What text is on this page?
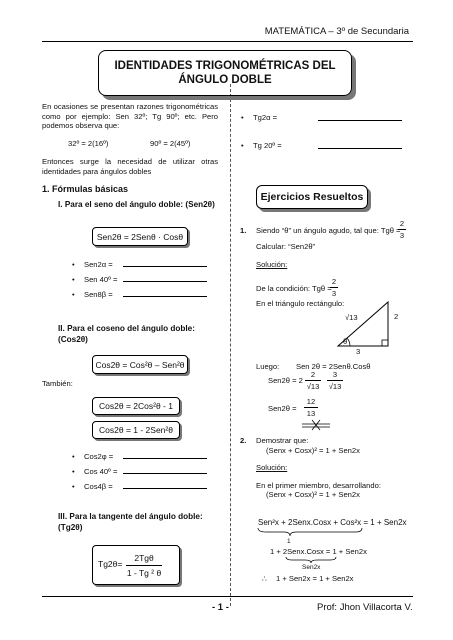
MATEMÁTICA – 3º de Secundaria
IDENTIDADES TRIGONOMÉTRICAS DEL
ÁNGULO DOBLE
En ocasiones se presentan razones trigonométricas como por ejemplo: Sen 32º; Tg 90º; etc. Pero podemos observa que:
32º = 2(16º)	90º = 2(45º)
Entonces surge la necesidad de utilizar otras identidades para ángulos dobles
1. Fórmulas básicas
I. Para el seno del ángulo doble: (Sen2θ)
Sen2θ = 2Senθ · Cosθ
• Sen2α =
• Sen 40º =
• Sen8β =
II. Para el coseno del ángulo doble: (Cos2θ)
Cos2θ = Cos²θ – Sen²θ
También:
Cos2θ = 2Cos²θ - 1
Cos2θ = 1 - 2Sen²θ
• Cos2φ =
• Cos 40º =
• Cos4β =
III. Para la tangente del ángulo doble: (Tg2θ)
Tg2θ=
2Tgθ
1 - Tg ² θ
• Tg2α =
• Tg 20º =
Ejercicios Resueltos
1. Siendo “θ” un ángulo agudo, tal que: Tgθ =
2
3
Calcular: “Sen2θ”
Solución:
De la condición: Tgθ =
2
3
En el triángulo rectángulo:
√13	2
3
θ
Luego: Sen 2θ = 2Senθ.Cosθ
Sen2θ = 2
2
√13
3
√13
Sen2θ =
12
13
2. Demostrar que:
(Senx + Cosx)² = 1 + Sen2x
Solución:
En el primer miembro, desarrollando:
(Senx + Cosx)² = 1 + Sen2x
Sen²x + 2Senx.Cosx + Cos²x = 1 + Sen2x
1
1 + 2Senx.Cosx = 1 + Sen2x
Sen2x
∴ 1 + Sen2x = 1 + Sen2x
- 1 -	Prof: Jhon Villacorta V.
